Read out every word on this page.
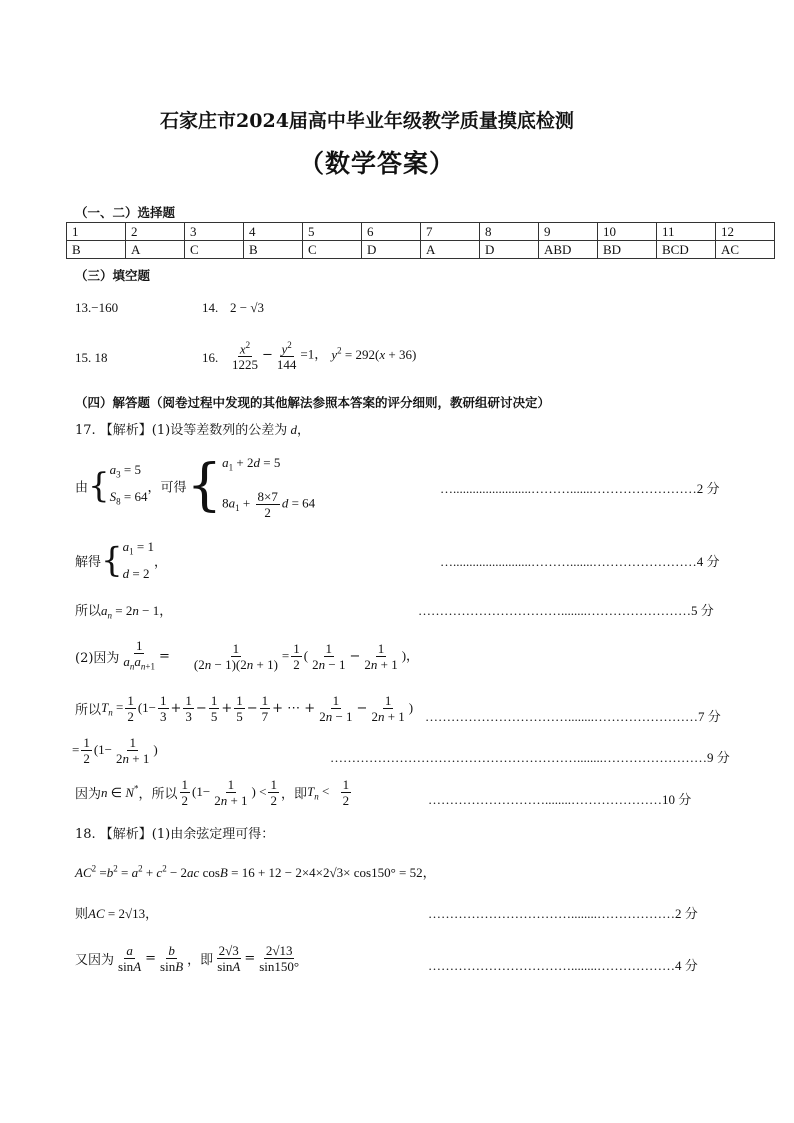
石家庄市2024届高中毕业年级教学质量摸底检测
（数学答案）
（一、二）选择题
1	2	3	4	5	6	7	8	9	10	11	12
B	A	C	B	C	D	A	D	ABD	BD	BCD	AC
（三）填空题
13.−160	14. 2 − √3
15. 18	16. $\frac{x^2}{1225} - \frac{y^2}{144} =1$， $y^2 = 292(x + 36)$
（四）解答题（阅卷过程中发现的其他解法参照本答案的评分细则，教研组研讨决定）
17. 【解析】(1)设等差数列的公差为 d，
由{ $a_3 = 5$
$S_8 = 64$
，可得{ $a_1 + 2d = 5$
$8a_1 + \frac{8\times 7}{2}$ d = 64
…........................……….......……………………2 分
解得{ $a_1 = 1$
d = 2
，	…........................……….......……………………4 分
所以$a_n = 2n - 1$，	……………………………........……………………5 分
(2)因为 $\frac{1}{a_na_{n+1}} = \frac{1}{(2n - 1)(2n + 1)} = \frac{1}{2}$ ( $\frac{1}{2n - 1} - \frac{1}{2n + 1}$ )，
所以$T_n = \frac{1}{2} (1- \frac{1}{3} + \frac{1}{3} - \frac{1}{5} + \frac{1}{5} - \frac{1}{7}$ + ⋯ + $\frac{1}{2n - 1} - \frac{1}{2n + 1}$ )
……………………………........……………………7 分
= $\frac{1}{2} (1- \frac{1}{2n + 1}$ )
…………………………………………………........……………………9 分
因为n ∈ N*，所以 $\frac{1}{2} (1- \frac{1}{2n + 1}$ ) < $\frac{1}{2}$ ，即$T_n < \frac{1}{2}$	………………………........…………………10 分
18. 【解析】(1)由余弦定理可得：
$AC^2 =b^2 = a^2 + c^2 - 2ac$ cosB = 16 + 12 − 2×4×2√3× cos150° = 52，
则AC = 2√13，	……………………………........………………2 分
又因为 $\frac{a}{\sin A} = \frac{b}{\sin B}$ ，即 $\frac{2√3}{\sin A} = \frac{2√13}{\sin 150^\circ}$	……………………………........………………4 分
